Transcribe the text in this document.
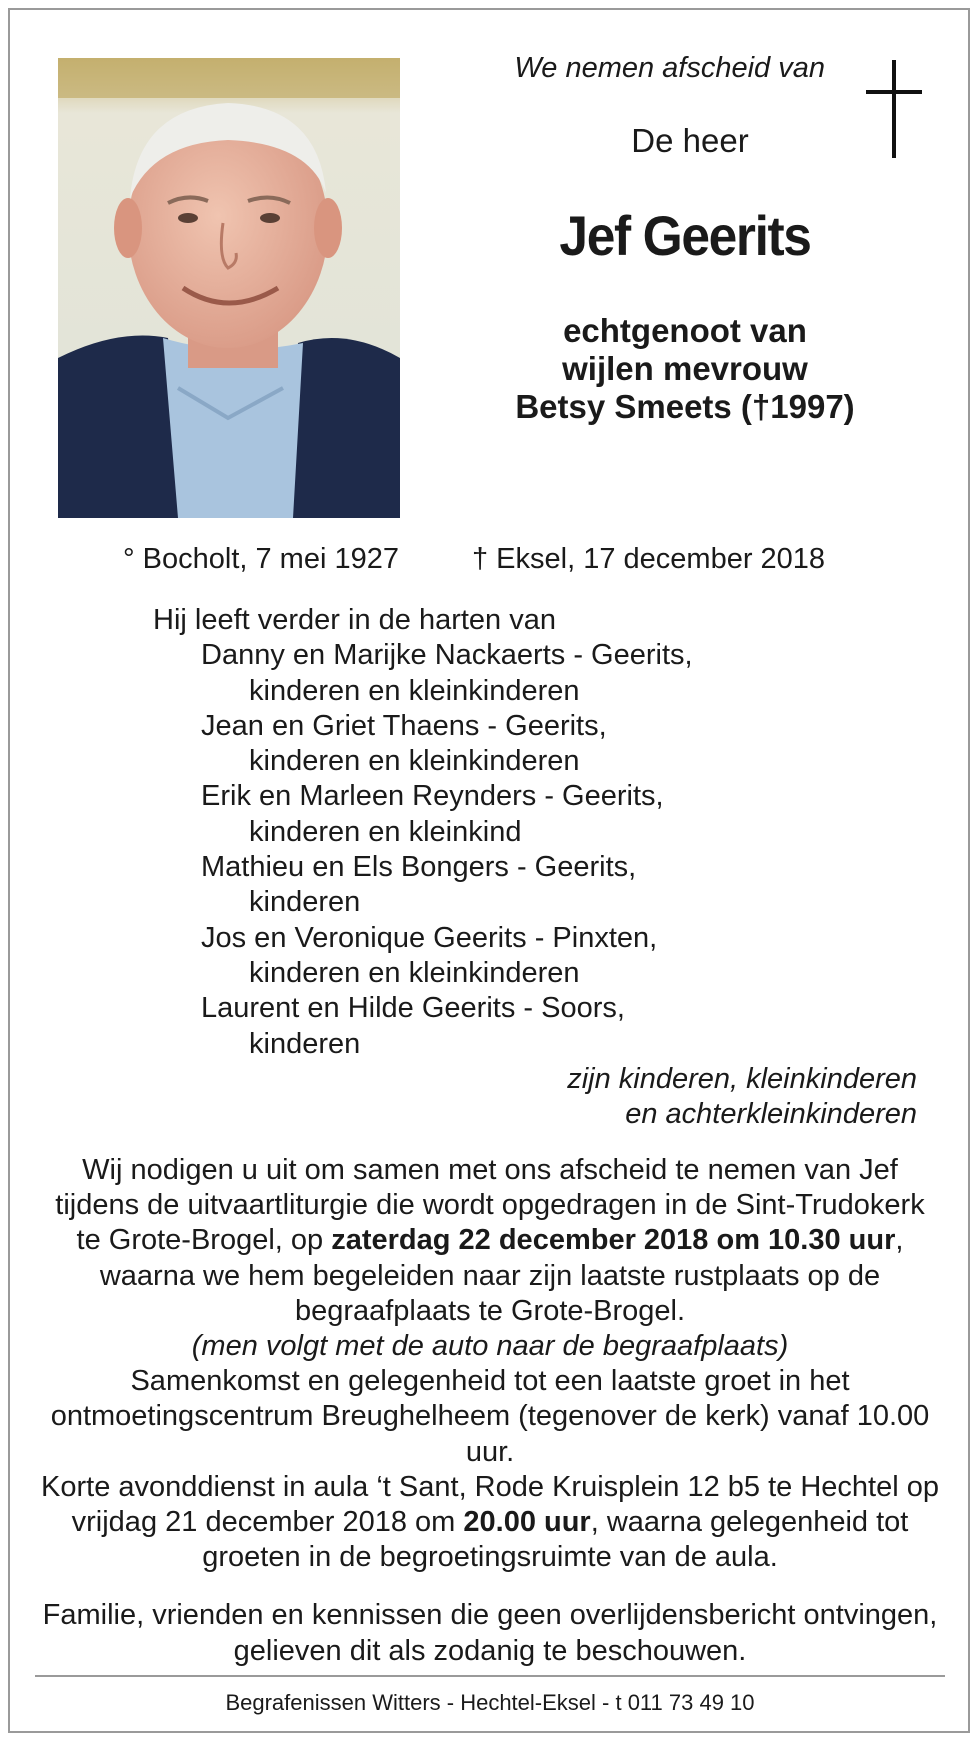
We nemen afscheid van
De heer
Jef Geerits
echtgenoot van
wijlen mevrouw
Betsy Smeets (†1997)
° Bocholt, 7 mei 1927	† Eksel, 17 december 2018
Hij leeft verder in de harten van
Danny en Marijke Nackaerts - Geerits,
kinderen en kleinkinderen
Jean en Griet Thaens - Geerits,
kinderen en kleinkinderen
Erik en Marleen Reynders - Geerits,
kinderen en kleinkind
Mathieu en Els Bongers - Geerits,
kinderen
Jos en Veronique Geerits - Pinxten,
kinderen en kleinkinderen
Laurent en Hilde Geerits - Soors,
kinderen
zijn kinderen, kleinkinderen
en achterkleinkinderen
Wij nodigen u uit om samen met ons afscheid te nemen van Jef tijdens de uitvaartliturgie die wordt opgedragen in de Sint-Trudokerk te Grote-Brogel, op zaterdag 22 december 2018 om 10.30 uur, waarna we hem begeleiden naar zijn laatste rustplaats op de begraafplaats te Grote-Brogel.
(men volgt met de auto naar de begraafplaats)
Samenkomst en gelegenheid tot een laatste groet in het ontmoetingscentrum Breughelheem (tegenover de kerk) vanaf 10.00 uur.
Korte avonddienst in aula ‘t Sant, Rode Kruisplein 12 b5 te Hechtel op vrijdag 21 december 2018 om 20.00 uur, waarna gelegenheid tot groeten in de begroetingsruimte van de aula.
Familie, vrienden en kennissen die geen overlijdensbericht ontvingen, gelieven dit als zodanig te beschouwen.
Begrafenissen Witters - Hechtel-Eksel - t 011 73 49 10
